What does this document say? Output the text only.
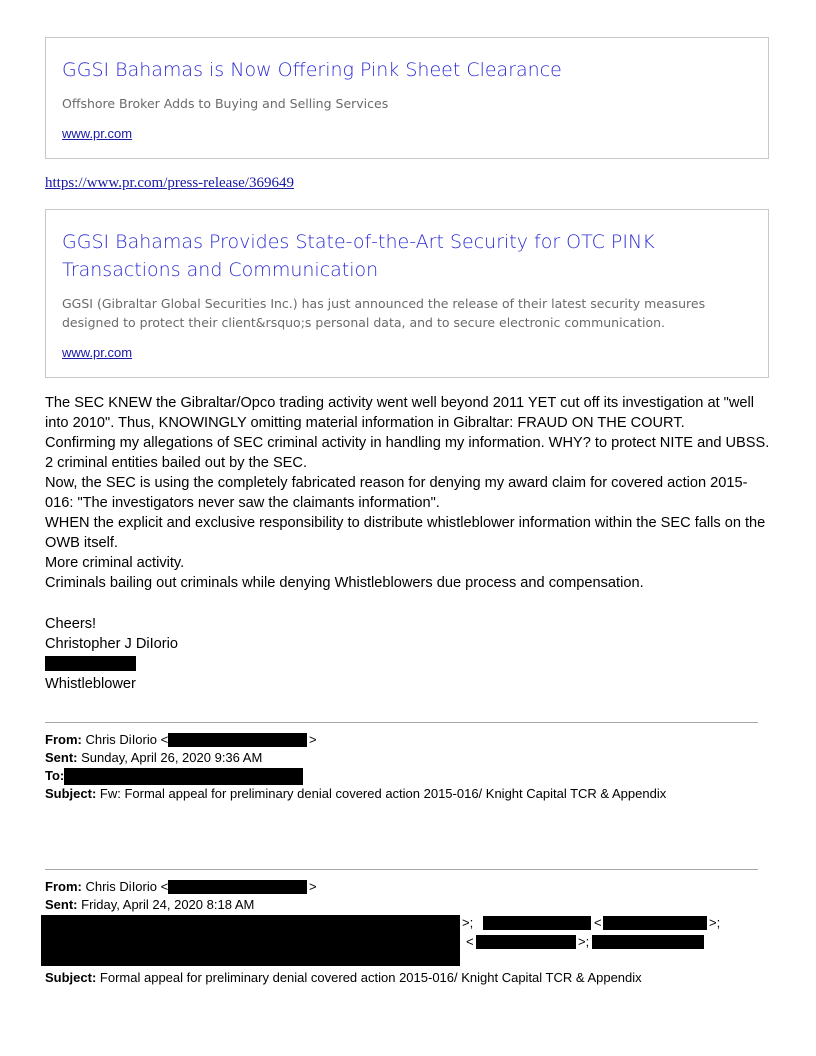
GGSI Bahamas is Now Offering Pink Sheet Clearance
Offshore Broker Adds to Buying and Selling Services
www.pr.com
https://www.pr.com/press-release/369649
GGSI Bahamas Provides State-of-the-Art Security for OTC PINK Transactions and Communication
GGSI (Gibraltar Global Securities Inc.) has just announced the release of their latest security measures designed to protect their client&rsquo;s personal data, and to secure electronic communication.
www.pr.com

The SEC KNEW the Gibraltar/Opco trading activity went well beyond 2011 YET cut off its investigation at "well into 2010". Thus, KNOWINGLY omitting material information in Gibraltar: FRAUD ON THE COURT.

Confirming my allegations of SEC criminal activity in handling my information. WHY? to protect NITE and UBSS. 2 criminal entities bailed out by the SEC.

Now, the SEC is using the completely fabricated reason for denying my award claim for covered action 2015-016: "The investigators never saw the claimants information".

WHEN the explicit and exclusive responsibility to distribute whistleblower information within the SEC falls on the OWB itself.

More criminal activity.

Criminals bailing out criminals while denying Whistleblowers due process and compensation.

Cheers!
Christopher J DiIorio
Whistleblower
From: Chris DiIorio <	>
Sent: Sunday, April 26, 2020 9:36 AM
To:
Subject: Fw: Formal appeal for preliminary denial covered action 2015-016/ Knight Capital TCR & Appendix
From: Chris DiIorio <	>
Sent: Friday, April 24, 2020 8:18 AM
>;	<	>;
<	>;
Subject: Formal appeal for preliminary denial covered action 2015-016/ Knight Capital TCR & Appendix
